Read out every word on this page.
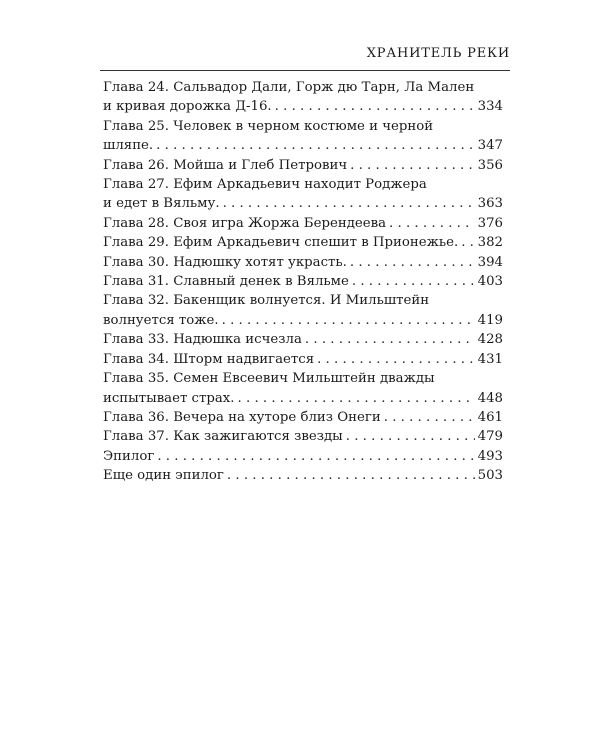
ХРАНИТЕЛЬ РЕКИ
Глава 24. Сальвадор Дали, Горж дю Тарн, Ла Мален
и кривая дорожка Д-16. . . .	334
Глава 25. Человек в черном костюме и черной
шляпе. . . .	347
Глава 26. Мойша и Глеб Петрович . . .	356
Глава 27. Ефим Аркадьевич находит Роджера
и едет в Вяльму. . . .	363
Глава 28. Своя игра Жоржа Берендеева . . .	376
Глава 29. Ефим Аркадьевич спешит в Прионежье. . . . 382
Глава 30. Надюшку хотят украсть. . . .	394
Глава 31. Славный денек в Вяльме . . .	403
Глава 32. Бакенщик волнуется. И Мильштейн
волнуется тоже. . . .	419
Глава 33. Надюшка исчезла . . .	428
Глава 34. Шторм надвигается . . .	431
Глава 35. Семен Евсеевич Мильштейн дважды
испытывает страх. . . .	448
Глава 36. Вечера на хуторе близ Онеги . . .	461
Глава 37. Как зажигаются звезды . . .	479
Эпилог . . .	493
Еще один эпилог . . .	503
